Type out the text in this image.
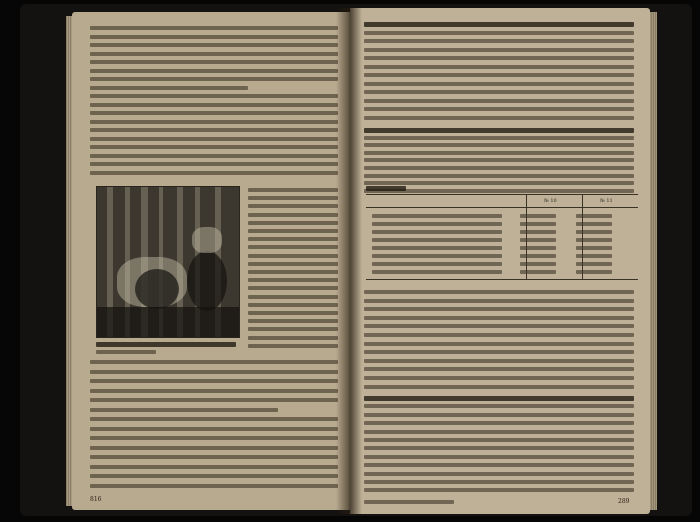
816
№ 10	№ 11
289
